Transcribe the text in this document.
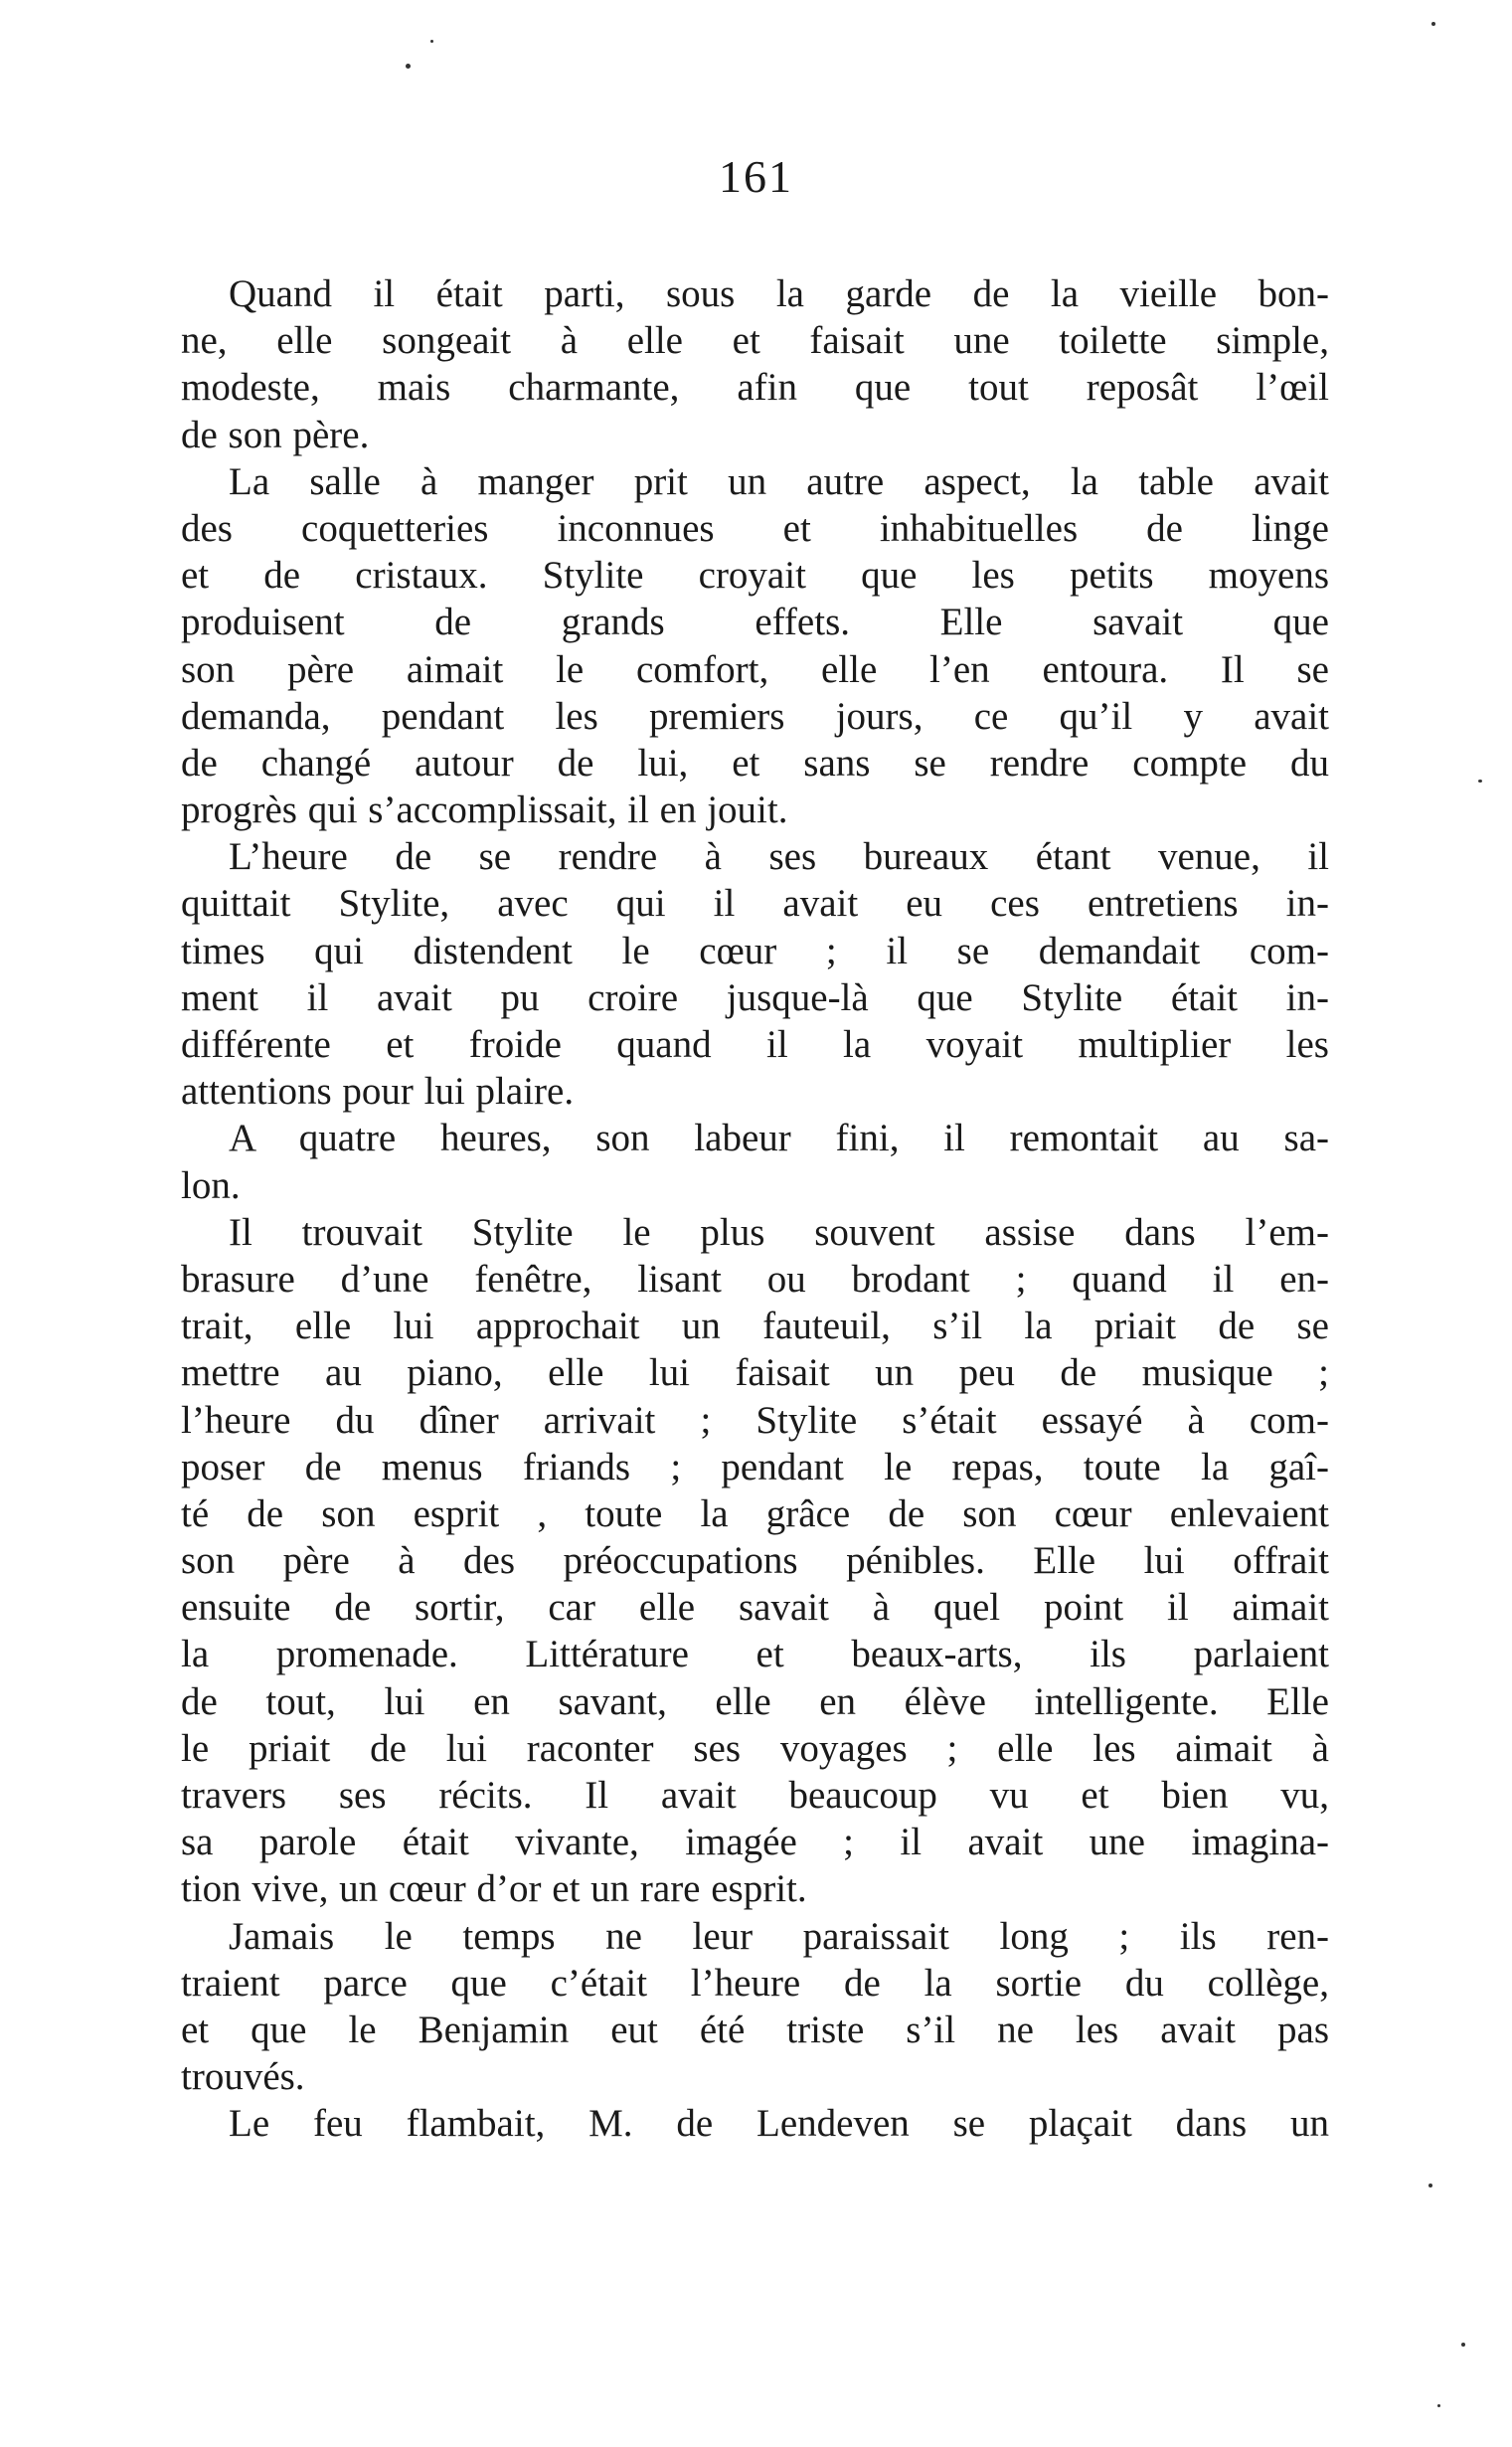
161
Quand il était parti, sous la garde de la vieille bon-
ne, elle songeait à elle et faisait une toilette simple,
modeste, mais charmante, afin que tout reposât l’œil
de son père.
La salle à manger prit un autre aspect, la table avait
des coquetteries inconnues et inhabituelles de linge
et de cristaux. Stylite croyait que les petits moyens
produisent de grands effets. Elle savait que
son père aimait le comfort, elle l’en entoura. Il se
demanda, pendant les premiers jours, ce qu’il y avait
de changé autour de lui, et sans se rendre compte du
progrès qui s’accomplissait, il en jouit.
L’heure de se rendre à ses bureaux étant venue, il
quittait Stylite, avec qui il avait eu ces entretiens in-
times qui distendent le cœur ; il se demandait com-
ment il avait pu croire jusque-là que Stylite était in-
différente et froide quand il la voyait multiplier les
attentions pour lui plaire.
A quatre heures, son labeur fini, il remontait au sa-
lon.
Il trouvait Stylite le plus souvent assise dans l’em-
brasure d’une fenêtre, lisant ou brodant ; quand il en-
trait, elle lui approchait un fauteuil, s’il la priait de se
mettre au piano, elle lui faisait un peu de musique ;
l’heure du dîner arrivait ; Stylite s’était essayé à com-
poser de menus friands ; pendant le repas, toute la gaî-
té de son esprit , toute la grâce de son cœur enlevaient
son père à des préoccupations pénibles. Elle lui offrait
ensuite de sortir, car elle savait à quel point il aimait
la promenade. Littérature et beaux-arts, ils parlaient
de tout, lui en savant, elle en élève intelligente. Elle
le priait de lui raconter ses voyages ; elle les aimait à
travers ses récits. Il avait beaucoup vu et bien vu,
sa parole était vivante, imagée ; il avait une imagina-
tion vive, un cœur d’or et un rare esprit.
Jamais le temps ne leur paraissait long ; ils ren-
traient parce que c’était l’heure de la sortie du collège,
et que le Benjamin eut été triste s’il ne les avait pas
trouvés.
Le feu flambait, M. de Lendeven se plaçait dans un
